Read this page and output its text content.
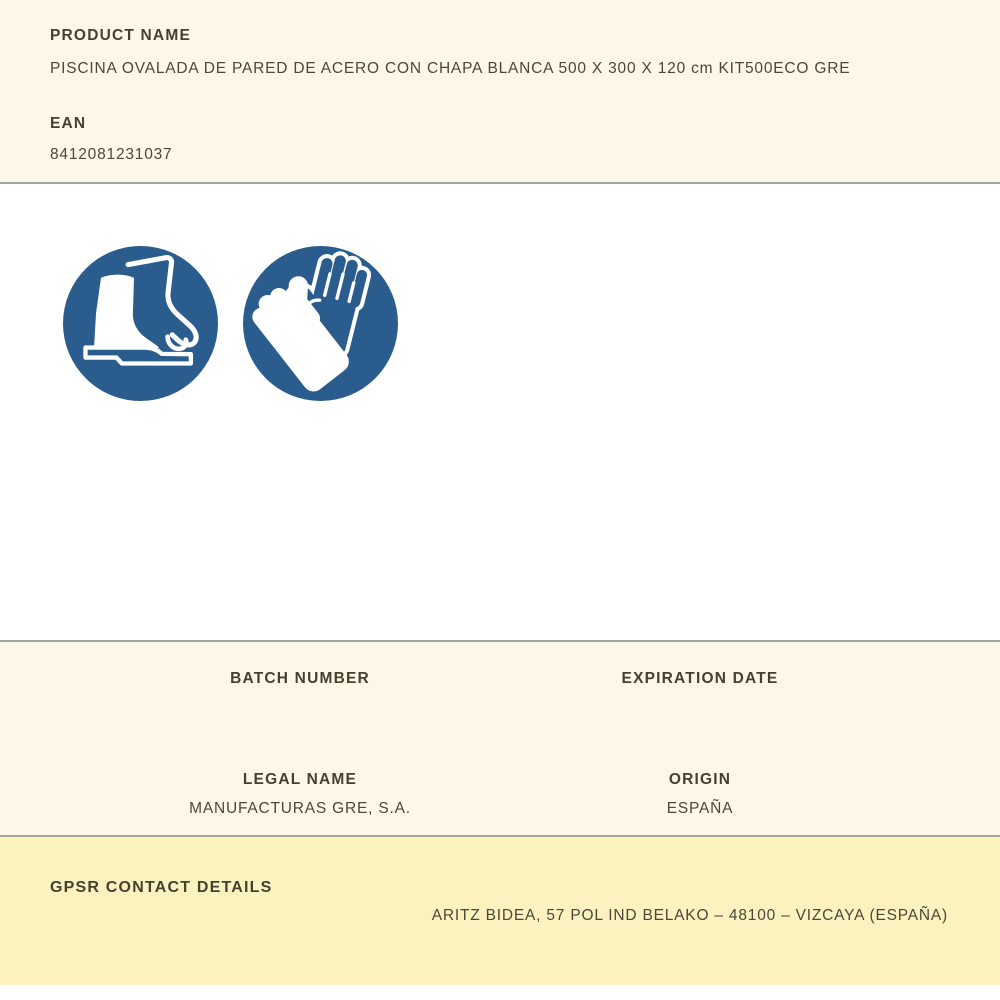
PRODUCT NAME
PISCINA OVALADA DE PARED DE ACERO CON CHAPA BLANCA 500 X 300 X 120 cm KIT500ECO GRE
EAN
8412081231037
BATCH NUMBER	EXPIRATION DATE
LEGAL NAME
MANUFACTURAS GRE, S.A.
ORIGIN
ESPAÑA
GPSR CONTACT DETAILS
ARITZ BIDEA, 57 POL IND BELAKO – 48100 – VIZCAYA (ESPAÑA)
